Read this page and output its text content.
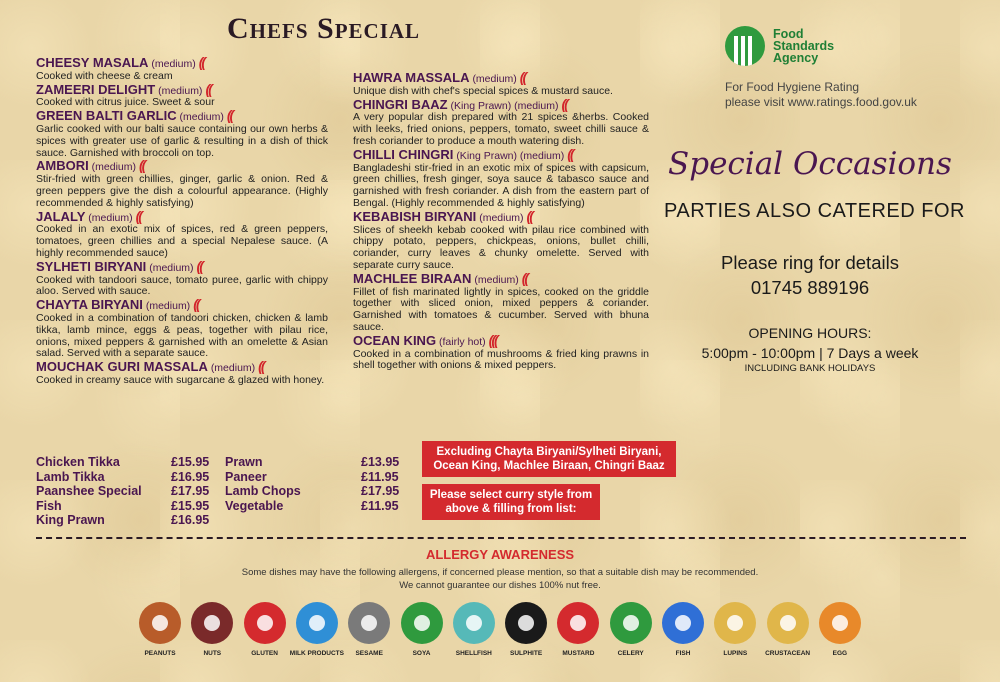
Chefs Special
CHEESY MASALA (medium) ((
Cooked with cheese & cream
ZAMEERI DELIGHT (medium) ((
Cooked with citrus juice. Sweet & sour
GREEN BALTI GARLIC (medium) ((
Garlic cooked with our balti sauce containing our own herbs & spices with greater use of garlic & resulting in a dish of thick sauce. Garnished with broccoli on top.
AMBORI (medium) ((
Stir-fried with green chillies, ginger, garlic & onion. Red & green peppers give the dish a colourful appearance. (Highly recommended & highly satisfying)
JALALY (medium) ((
Cooked in an exotic mix of spices, red & green peppers, tomatoes, green chillies and a special Nepalese sauce. (A highly recommended sauce)
SYLHETI BIRYANI (medium) ((
Cooked with tandoori sauce, tomato puree, garlic with chippy aloo. Served with sauce.
CHAYTA BIRYANI (medium) ((
Cooked in a combination of tandoori chicken, chicken & lamb tikka, lamb mince, eggs & peas, together with pilau rice, onions, mixed peppers & garnished with an omelette & Asian salad. Served with a separate sauce.
MOUCHAK GURI MASSALA (medium) ((
Cooked in creamy sauce with sugarcane & glazed with honey.
HAWRA MASSALA (medium) ((
Unique dish with chef's special spices & mustard sauce.
CHINGRI BAAZ (King Prawn) (medium) ((
A very popular dish prepared with 21 spices &herbs. Cooked with leeks, fried onions, peppers, tomato, sweet chilli sauce & fresh coriander to produce a mouth watering dish.
CHILLI CHINGRI (King Prawn) (medium) ((
Bangladeshi stir-fried in an exotic mix of spices with capsicum, green chillies, fresh ginger, soya sauce & tabasco sauce and garnished with fresh coriander. A dish from the eastern part of Bengal. (Highly recommended & highly satisfying)
KEBABISH BIRYANI (medium) ((
Slices of sheekh kebab cooked with pilau rice combined with chippy potato, peppers, chickpeas, onions, bullet chilli, coriander, curry leaves & chunky omelette. Served with separate curry sauce.
MACHLEE BIRAAN (medium) ((
Fillet of fish marinated lightly in spices, cooked on the griddle together with sliced onion, mixed peppers & coriander. Garnished with tomatoes & cucumber. Served with bhuna sauce.
OCEAN KING (fairly hot) (((
Cooked in a combination of mushrooms & fried king prawns in shell together with onions & mixed peppers.
Food Standards Agency
For Food Hygiene Rating
please visit www.ratings.food.gov.uk
Special Occasions
PARTIES ALSO CATERED FOR
Please ring for details
01745 889196
OPENING HOURS:
5:00pm - 10:00pm | 7 Days a week
INCLUDING BANK HOLIDAYS
Chicken Tikka	£15.95
Lamb Tikka	£16.95
Paanshee Special £17.95
Fish	£15.95
King Prawn	£16.95
Prawn	£13.95
Paneer	£11.95
Lamb Chops	£17.95
Vegetable	£11.95
Excluding Chayta Biryani/Sylheti Biryani, Ocean King, Machlee Biraan, Chingri Baaz
Please select curry style from above & filling from list:
ALLERGY AWARENESS
Some dishes may have the following allergens, if concerned please mention, so that a suitable dish may be recommended.
We cannot guarantee our dishes 100% nut free.
PEANUTS	NUTS	GLUTEN	MILK PRODUCTS	SESAME	SOYA	SHELLFISH	SULPHITE	MUSTARD	CELERY	FISH	LUPINS	CRUSTACEAN	EGG
